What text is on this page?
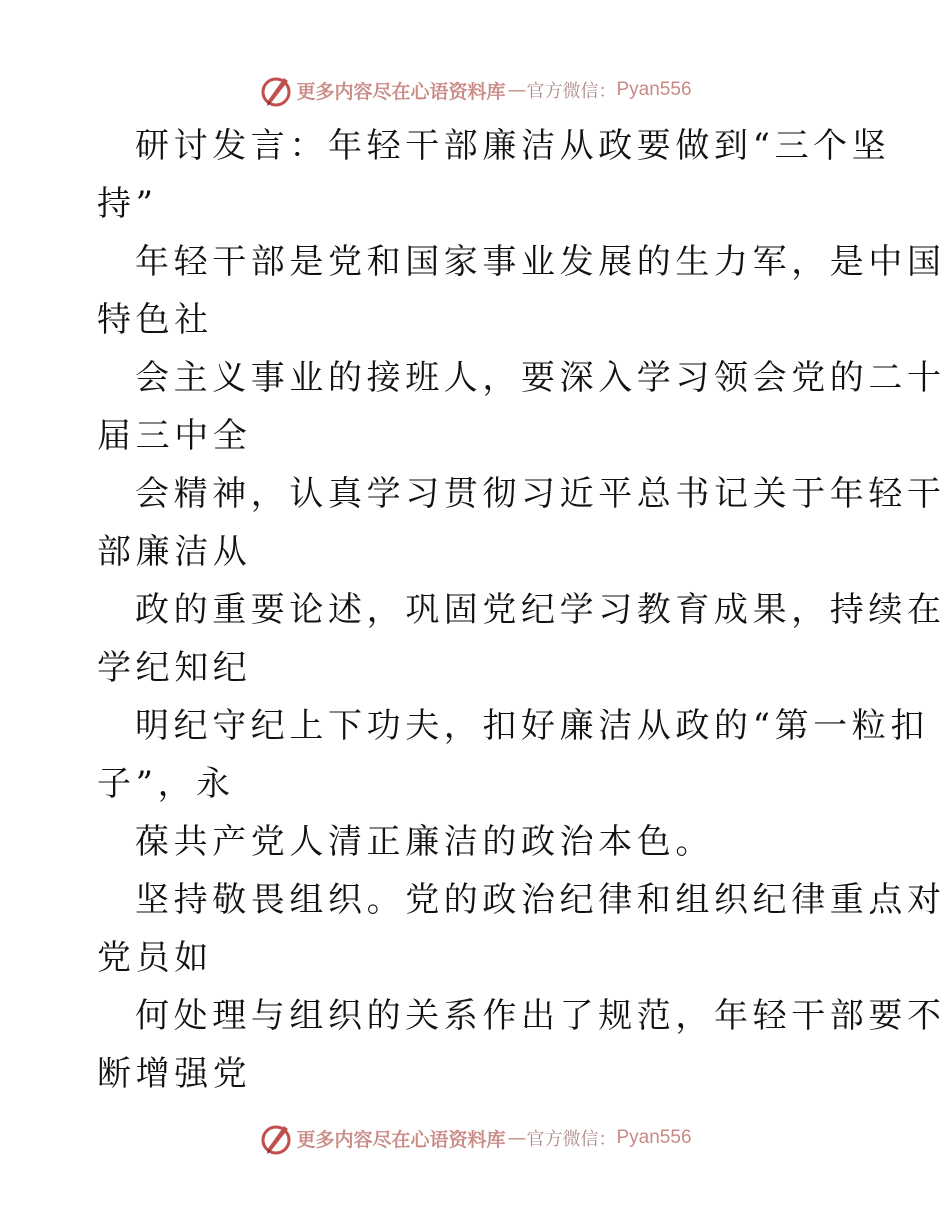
更多内容尽在心语资料库 — 官方微信： Pyan556
研讨发言：年轻干部廉洁从政要做到“三个坚
持”
年轻干部是党和国家事业发展的生力军，是中国
特色社
会主义事业的接班人，要深入学习领会党的二十
届三中全
会精神，认真学习贯彻习近平总书记关于年轻干
部廉洁从
政的重要论述，巩固党纪学习教育成果，持续在
学纪知纪
明纪守纪上下功夫，扣好廉洁从政的“第一粒扣
子”，永
葆共产党人清正廉洁的政治本色。
坚持敬畏组织。党的政治纪律和组织纪律重点对
党员如
何处理与组织的关系作出了规范，年轻干部要不
断增强党
更多内容尽在心语资料库 — 官方微信： Pyan556
